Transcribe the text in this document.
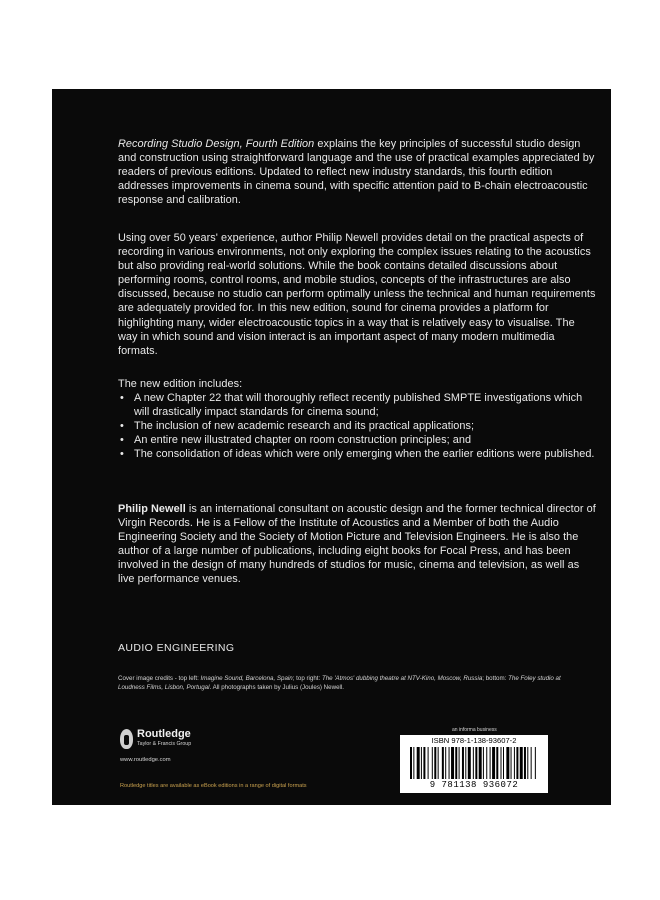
Recording Studio Design, Fourth Edition explains the key principles of successful studio design and construction using straightforward language and the use of practical examples appreciated by readers of previous editions. Updated to reflect new industry standards, this fourth edition addresses improvements in cinema sound, with specific attention paid to B-chain electroacoustic response and calibration.

Using over 50 years' experience, author Philip Newell provides detail on the practical aspects of recording in various environments, not only exploring the complex issues relating to the acoustics but also providing real-world solutions. While the book contains detailed discussions about performing rooms, control rooms, and mobile studios, concepts of the infrastructures are also discussed, because no studio can perform optimally unless the technical and human requirements are adequately provided for. In this new edition, sound for cinema provides a platform for highlighting many, wider electroacoustic topics in a way that is relatively easy to visualise. The way in which sound and vision interact is an important aspect of many modern multimedia formats.

The new edition includes:

• A new Chapter 22 that will thoroughly reflect recently published SMPTE investigations which will drastically impact standards for cinema sound;
• The inclusion of new academic research and its practical applications;
• An entire new illustrated chapter on room construction principles; and
• The consolidation of ideas which were only emerging when the earlier editions were published.

Philip Newell is an international consultant on acoustic design and the former technical director of Virgin Records. He is a Fellow of the Institute of Acoustics and a Member of both the Audio Engineering Society and the Society of Motion Picture and Television Engineers. He is also the author of a large number of publications, including eight books for Focal Press, and has been involved in the design of many hundreds of studios for music, cinema and television, as well as live performance venues.

AUDIO ENGINEERING
Cover image credits - top left: Imagine Sound, Barcelona, Spain; top right: The 'Atmos' dubbing theatre at NTV-Kino, Moscow, Russia; bottom: The Foley studio at Loudness Films, Lisbon, Portugal. All photographs taken by Julius (Joules) Newell.
Routledge
Taylor & Francis Group
www.routledge.com
Routledge titles are available as eBook editions in a range of digital formats
an informa business
ISBN 978-1-138-93607-2
9 781138 936072
